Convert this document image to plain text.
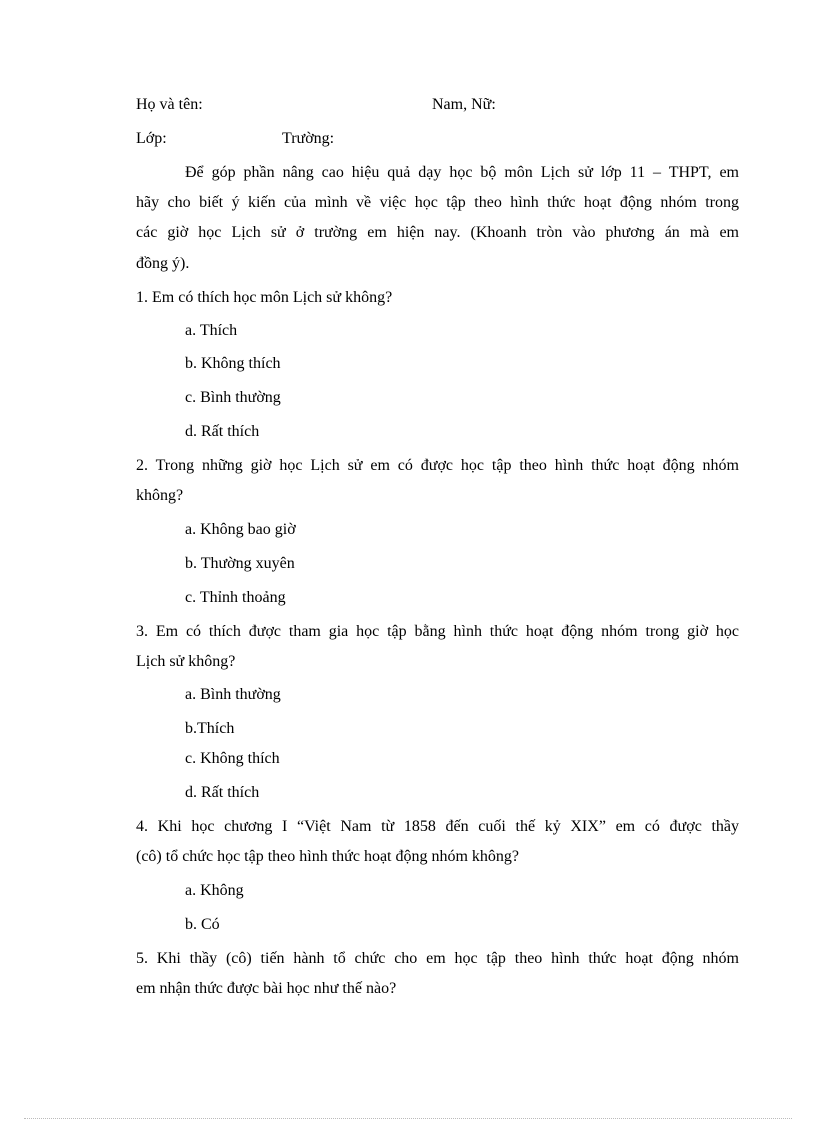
Họ và tên:	Nam, Nữ:
Lớp:	Trường:
Để góp phần nâng cao hiệu quả dạy học bộ môn Lịch sử lớp 11 – THPT, em
hãy cho biết ý kiến của mình về việc học tập theo hình thức hoạt động nhóm trong
các giờ học Lịch sử ở trường em hiện nay. (Khoanh tròn vào phương án mà em
đồng ý).
1. Em có thích học môn Lịch sử không?
a. Thích
b. Không thích
c. Bình thường
d. Rất thích
2. Trong những giờ học Lịch sử em có được học tập theo hình thức hoạt động nhóm
không?
a. Không bao giờ
b. Thường xuyên
c. Thỉnh thoảng
3. Em có thích được tham gia học tập bằng hình thức hoạt động nhóm trong giờ học
Lịch sử không?
a. Bình thường
b.Thích
c. Không thích
d. Rất thích
4. Khi học chương I “Việt Nam từ 1858 đến cuối thế kỷ XIX” em có được thầy
(cô) tổ chức học tập theo hình thức hoạt động nhóm không?
a. Không
b. Có
5. Khi thầy (cô) tiến hành tổ chức cho em học tập theo hình thức hoạt động nhóm
em nhận thức được bài học như thế nào?
